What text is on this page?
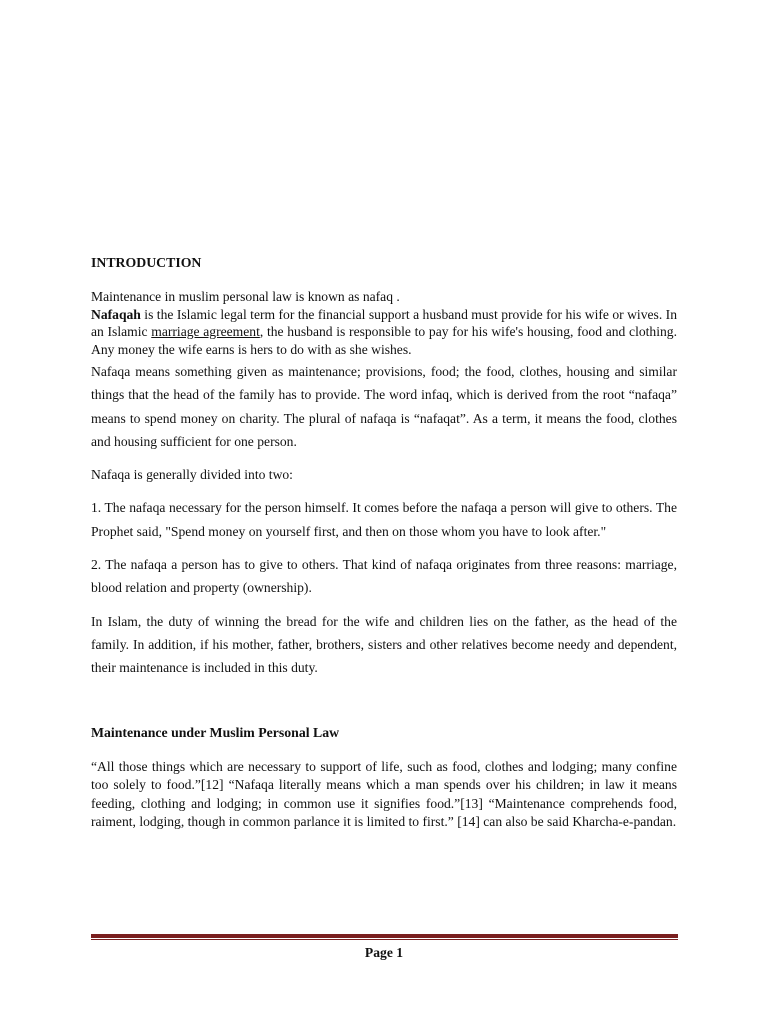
INTRODUCTION

Maintenance in muslim personal law is known as nafaq .

Nafaqah is the Islamic legal term for the financial support a husband must provide for his wife or wives. In an Islamic marriage agreement, the husband is responsible to pay for his wife's housing, food and clothing. Any money the wife earns is hers to do with as she wishes.

Nafaqa means something given as maintenance; provisions, food; the food, clothes, housing and similar things that the head of the family has to provide. The word infaq, which is derived from the root “nafaqa” means to spend money on charity. The plural of nafaqa is “nafaqat”. As a term, it means the food, clothes and housing sufficient for one person.

Nafaqa is generally divided into two:

1. The nafaqa necessary for the person himself. It comes before the nafaqa a person will give to others. The Prophet said, "Spend money on yourself first, and then on those whom you have to look after."

2. The nafaqa a person has to give to others. That kind of nafaqa originates from three reasons: marriage, blood relation and property (ownership).

In Islam, the duty of winning the bread for the wife and children lies on the father, as the head of the family. In addition, if his mother, father, brothers, sisters and other relatives become needy and dependent, their maintenance is included in this duty.

Maintenance under Muslim Personal Law

“All those things which are necessary to support of life, such as food, clothes and lodging; many confine too solely to food.”[12] “Nafaqa literally means which a man spends over his children; in law it means feeding, clothing and lodging; in common use it signifies food.”[13] “Maintenance comprehends food, raiment, lodging, though in common parlance it is limited to first.” [14] can also be said Kharcha-e-pandan.

Page 1
